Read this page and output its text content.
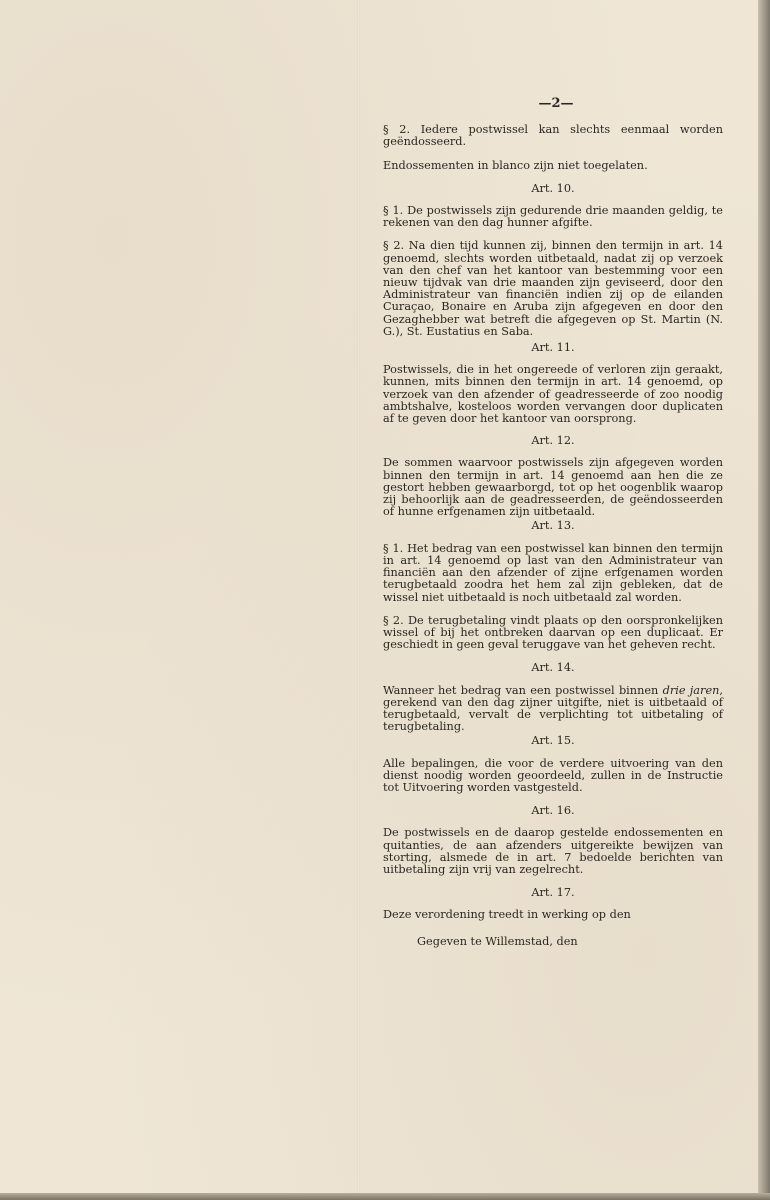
—2—

§ 2. Iedere postwissel kan slechts eenmaal worden geëndosseerd.

Endossementen in blanco zijn niet toegelaten.

Art. 10.

§ 1. De postwissels zijn gedurende drie maanden geldig, te rekenen van den dag hunner afgifte.

§ 2. Na dien tijd kunnen zij, binnen den termijn in art. 14 genoemd, slechts worden uitbetaald, nadat zij op verzoek van den chef van het kantoor van bestemming voor een nieuw tijdvak van drie maanden zijn geviseerd, door den Administrateur van financiën indien zij op de eilanden Curaçao, Bonaire en Aruba zijn afgegeven en door den Gezaghebber wat betreft die afgegeven op St. Martin (N. G.), St. Eustatius en Saba.

Art. 11.

Postwissels, die in het ongereede of verloren zijn geraakt, kunnen, mits binnen den termijn in art. 14 genoemd, op verzoek van den afzender of geadresseerde of zoo noodig ambtshalve, kosteloos worden vervangen door duplicaten af te geven door het kantoor van oorsprong.

Art. 12.

De sommen waarvoor postwissels zijn afgegeven worden binnen den termijn in art. 14 genoemd aan hen die ze gestort hebben gewaarborgd, tot op het oogenblik waarop zij behoorlijk aan de geadresseerden, de geëndosseerden of hunne erfgenamen zijn uitbetaald.

Art. 13.

§ 1. Het bedrag van een postwissel kan binnen den termijn in art. 14 genoemd op last van den Administrateur van financiën aan den afzender of zijne erfgenamen worden terugbetaald zoodra het hem zal zijn gebleken, dat de wissel niet uitbetaald is noch uitbetaald zal worden.

§ 2. De terugbetaling vindt plaats op den oorspronkelijken wissel of bij het ontbreken daarvan op een duplicaat. Er geschiedt in geen geval teruggave van het geheven recht.

Art. 14.

Wanneer het bedrag van een postwissel binnen drie jaren, gerekend van den dag zijner uitgifte, niet is uitbetaald of terugbetaald, vervalt de verplichting tot uitbetaling of terugbetaling.

Art. 15.

Alle bepalingen, die voor de verdere uitvoering van den dienst noodig worden geoordeeld, zullen in de Instructie tot Uitvoering worden vastgesteld.

Art. 16.

De postwissels en de daarop gestelde endossementen en quitanties, de aan afzenders uitgereikte bewijzen van storting, alsmede de in art. 7 bedoelde berichten van uitbetaling zijn vrij van zegelrecht.

Art. 17.

Deze verordening treedt in werking op den

Gegeven te Willemstad, den
